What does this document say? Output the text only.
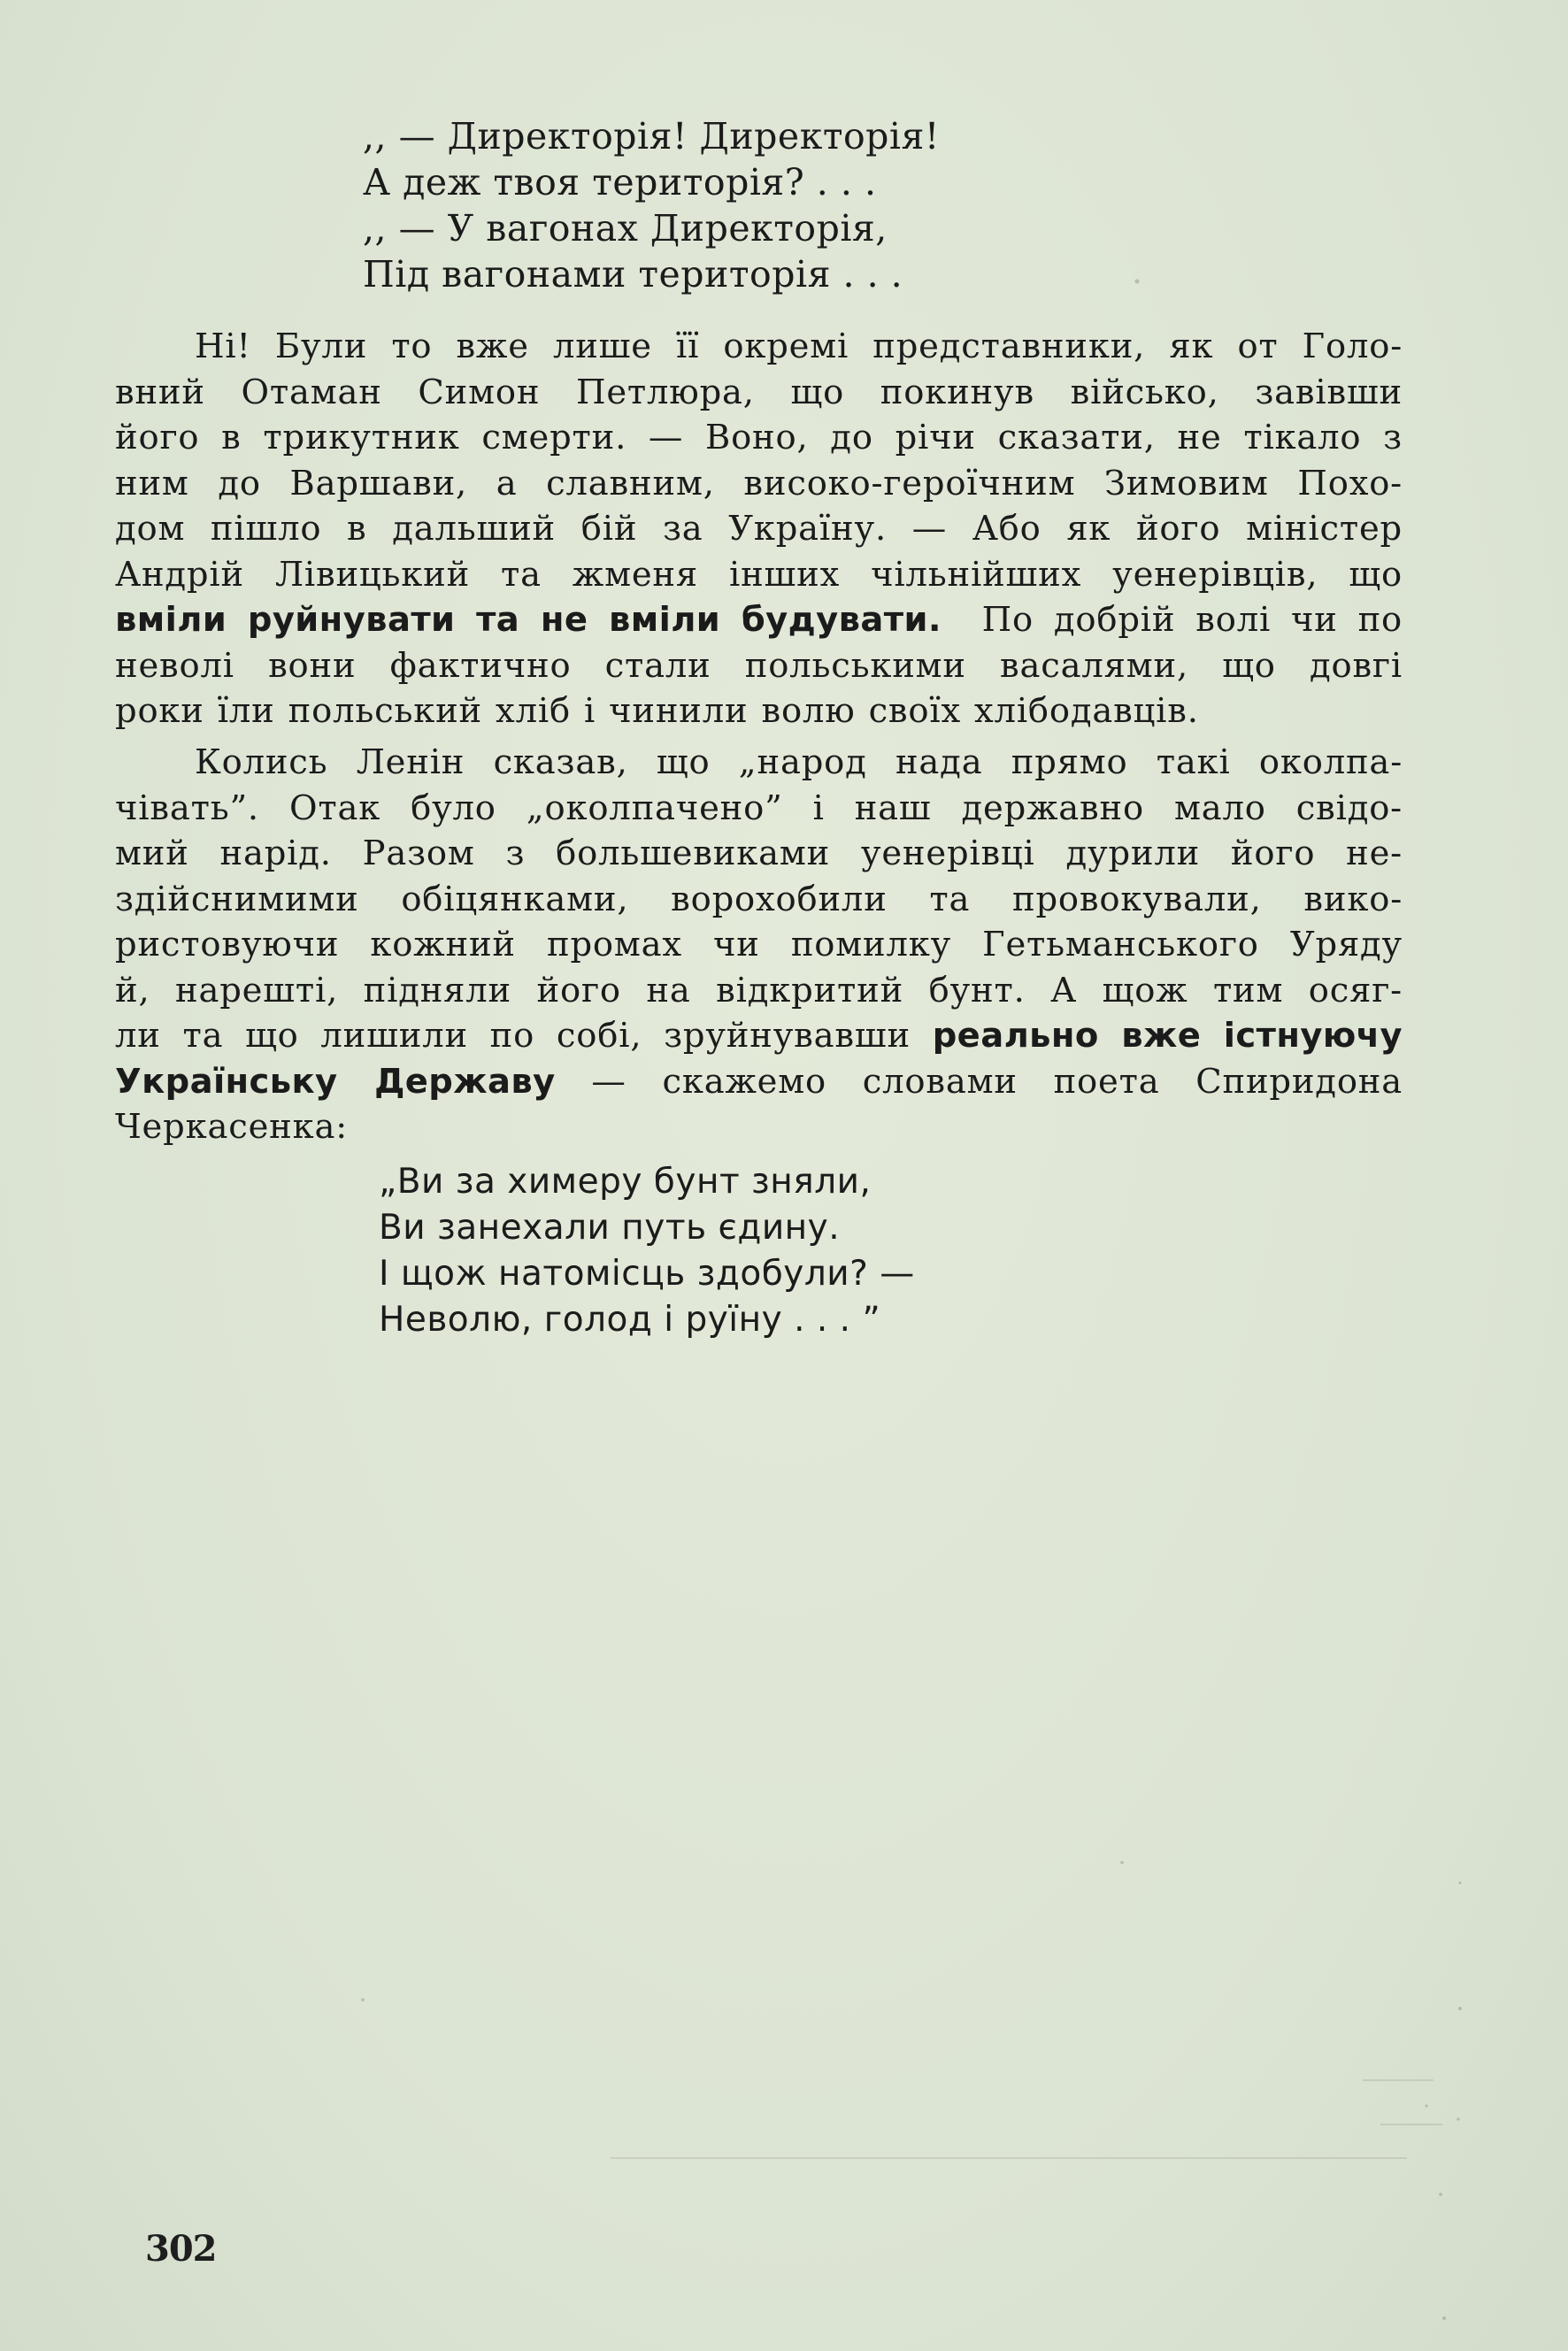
,, — Директорія! Директорія!
А деж твоя територія? . . .
,, — У вагонах Директорія,
Під вагонами територія . . .
Ні! Були то вже лише її окремі представники, як от Голо-
вний Отаман Симон Петлюра, що покинув військо, завівши
його в трикутник смерти. — Воно, до річи сказати, не тікало з
ним до Варшави, а славним, високо-героїчним Зимовим Похо-
дом пішло в дальший бій за Україну. — Або як його міністер
Андрій Лівицький та жменя інших чільнійших уенерівців, що
вміли руйнувати та не вміли будувати. По добрій волі чи по
неволі вони фактично стали польськими васалями, що довгі
роки їли польський хліб і чинили волю своїх хлібодавців.
Колись Ленін сказав, що „народ нада прямо такі околпа-
чівать”. Отак було „околпачено” і наш державно мало свідо-
мий нарід. Разом з большевиками уенерівці дурили його не-
здійснимими обіцянками, ворохобили та провокували, вико-
ристовуючи кожний промах чи помилку Гетьманського Уряду
й, нарешті, підняли його на відкритий бунт. А щож тим осяг-
ли та що лишили по собі, зруйнувавши реально вже істнуючу
Українську Державу — скажемо словами поета Спиридона
Черкасенка:
„Ви за химеру бунт зняли,
Ви занехали путь єдину.
І щож натомісць здобули? —
Неволю, голод і руїну . . . ”
302
